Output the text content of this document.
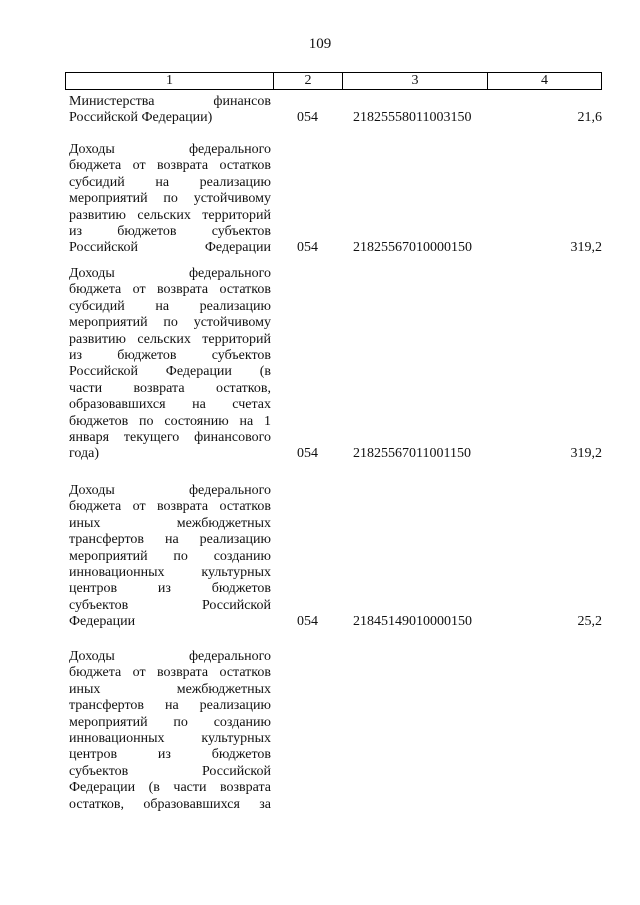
109
1	2	3	4
Министерства финансов
Российской Федерации)	054	21825558011003150	21,6
Доходы федерального
бюджета от возврата остатков
субсидий на реализацию
мероприятий по устойчивому
развитию сельских территорий
из бюджетов субъектов
Российской Федерации 054	21825567010000150	319,2
Доходы федерального
бюджета от возврата остатков
субсидий на реализацию
мероприятий по устойчивому
развитию сельских территорий
из бюджетов субъектов
Российской Федерации (в
части возврата остатков,
образовавшихся на счетах
бюджетов по состоянию на 1
января текущего финансового
года)	054	21825567011001150	319,2
Доходы федерального
бюджета от возврата остатков
иных межбюджетных
трансфертов на реализацию
мероприятий по созданию
инновационных культурных
центров из бюджетов
субъектов Российской
Федерации	054	21845149010000150	25,2
Доходы федерального
бюджета от возврата остатков
иных межбюджетных
трансфертов на реализацию
мероприятий по созданию
инновационных культурных
центров из бюджетов
субъектов Российской
Федерации (в части возврата
остатков, образовавшихся за
